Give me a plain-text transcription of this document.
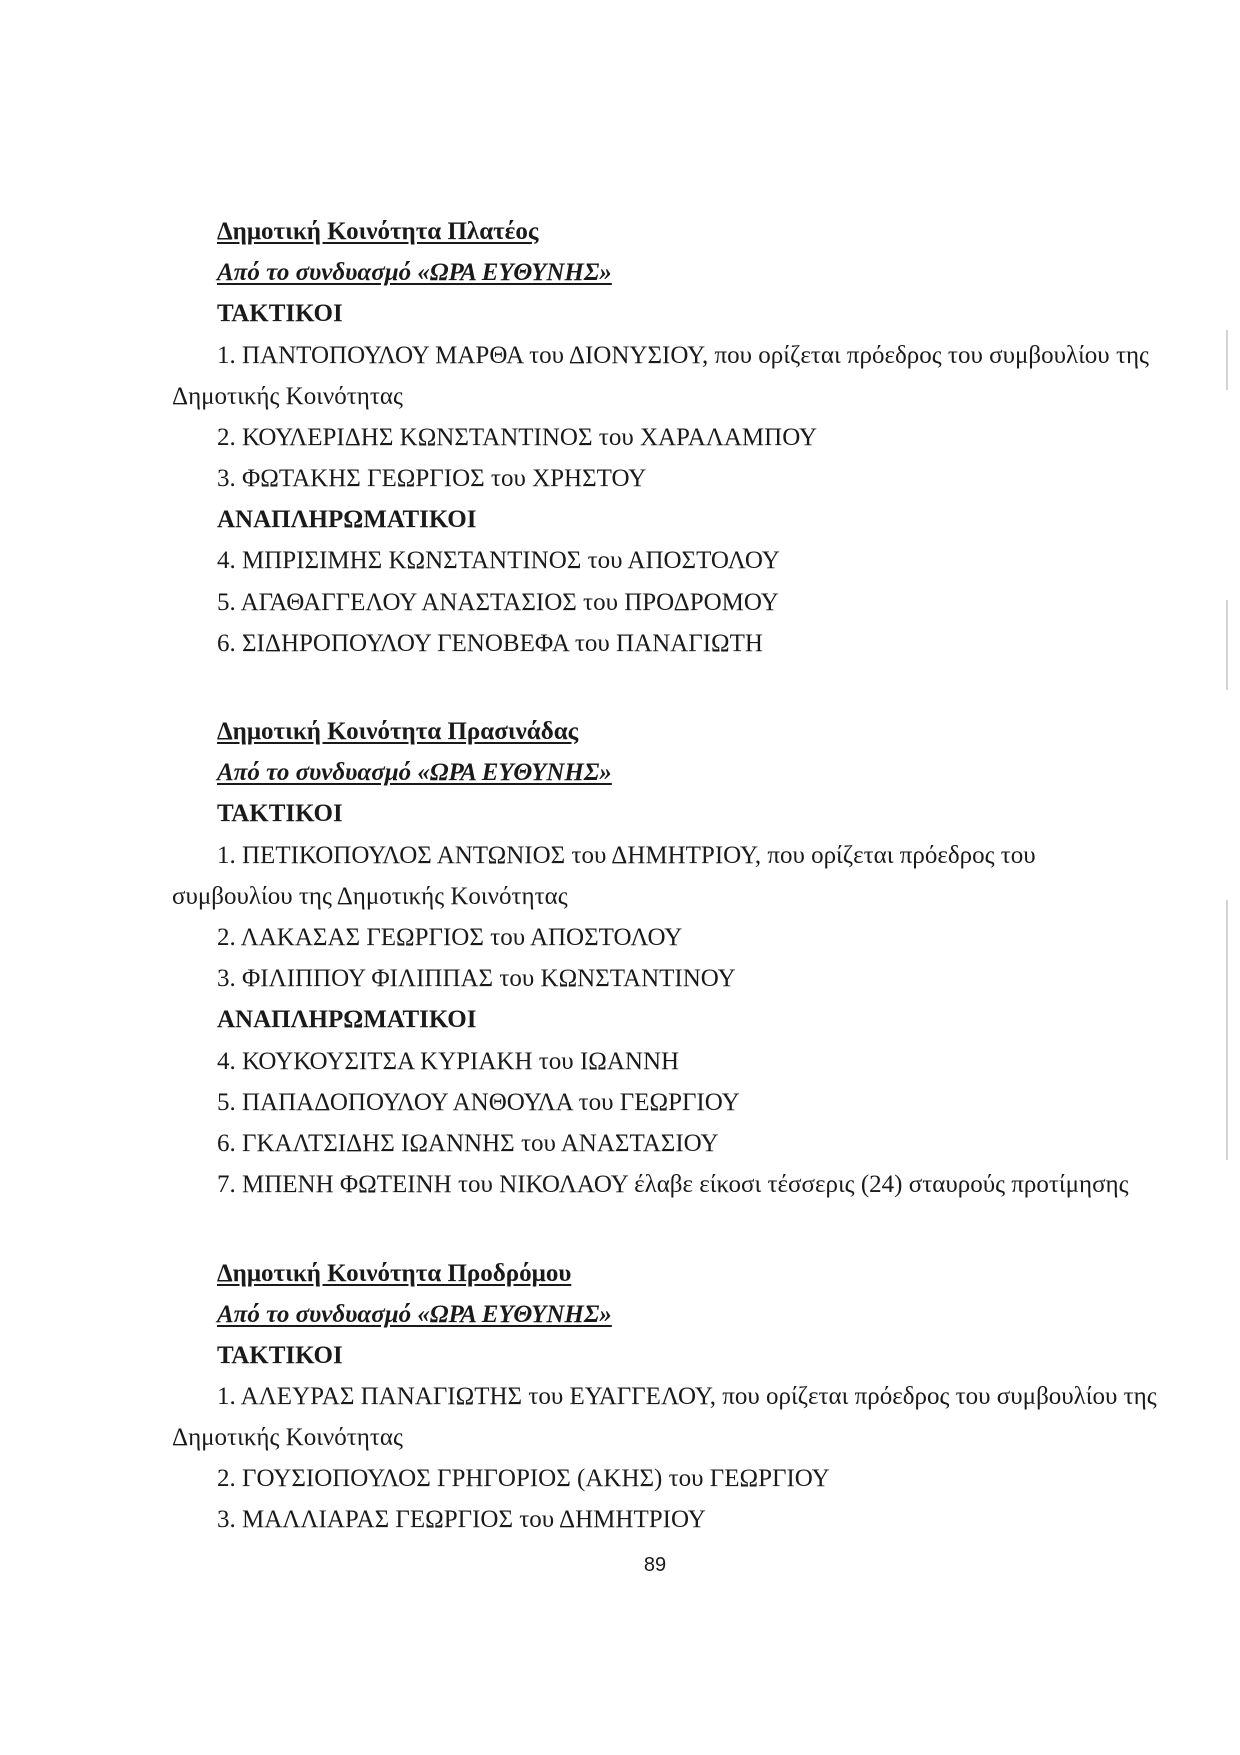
Δημοτική Κοινότητα Πλατέος
Από το συνδυασμό «ΩΡΑ ΕΥΘΥΝΗΣ»
ΤΑΚΤΙΚΟΙ
1. ΠΑΝΤΟΠΟΥΛΟΥ ΜΑΡΘΑ του ΔΙΟΝΥΣΙΟΥ, που ορίζεται πρόεδρος του συμβουλίου της
Δημοτικής Κοινότητας
2. ΚΟΥΛΕΡΙΔΗΣ ΚΩΝΣΤΑΝΤΙΝΟΣ του ΧΑΡΑΛΑΜΠΟΥ
3. ΦΩΤΑΚΗΣ ΓΕΩΡΓΙΟΣ του ΧΡΗΣΤΟΥ
ΑΝΑΠΛΗΡΩΜΑΤΙΚΟΙ
4. ΜΠΡΙΣΙΜΗΣ ΚΩΝΣΤΑΝΤΙΝΟΣ του ΑΠΟΣΤΟΛΟΥ
5. ΑΓΑΘΑΓΓΕΛΟΥ ΑΝΑΣΤΑΣΙΟΣ του ΠΡΟΔΡΟΜΟΥ
6. ΣΙΔΗΡΟΠΟΥΛΟΥ ΓΕΝΟΒΕΦΑ του ΠΑΝΑΓΙΩΤΗ
Δημοτική Κοινότητα Πρασινάδας
Από το συνδυασμό «ΩΡΑ ΕΥΘΥΝΗΣ»
ΤΑΚΤΙΚΟΙ
1. ΠΕΤΙΚΟΠΟΥΛΟΣ ΑΝΤΩΝΙΟΣ του ΔΗΜΗΤΡΙΟΥ, που ορίζεται πρόεδρος του
συμβουλίου της Δημοτικής Κοινότητας
2. ΛΑΚΑΣΑΣ ΓΕΩΡΓΙΟΣ του ΑΠΟΣΤΟΛΟΥ
3. ΦΙΛΙΠΠΟΥ ΦΙΛΙΠΠΑΣ του ΚΩΝΣΤΑΝΤΙΝΟΥ
ΑΝΑΠΛΗΡΩΜΑΤΙΚΟΙ
4. ΚΟΥΚΟΥΣΙΤΣΑ ΚΥΡΙΑΚΗ του ΙΩΑΝΝΗ
5. ΠΑΠΑΔΟΠΟΥΛΟΥ ΑΝΘΟΥΛΑ του ΓΕΩΡΓΙΟΥ
6. ΓΚΑΛΤΣΙΔΗΣ ΙΩΑΝΝΗΣ του ΑΝΑΣΤΑΣΙΟΥ
7. ΜΠΕΝΗ ΦΩΤΕΙΝΗ του ΝΙΚΟΛΑΟΥ έλαβε είκοσι τέσσερις (24) σταυρούς προτίμησης
Δημοτική Κοινότητα Προδρόμου
Από το συνδυασμό «ΩΡΑ ΕΥΘΥΝΗΣ»
ΤΑΚΤΙΚΟΙ
1. ΑΛΕΥΡΑΣ ΠΑΝΑΓΙΩΤΗΣ του ΕΥΑΓΓΕΛΟΥ, που ορίζεται πρόεδρος του συμβουλίου της
Δημοτικής Κοινότητας
2. ΓΟΥΣΙΟΠΟΥΛΟΣ ΓΡΗΓΟΡΙΟΣ (ΑΚΗΣ) του ΓΕΩΡΓΙΟΥ
3. ΜΑΛΛΙΑΡΑΣ ΓΕΩΡΓΙΟΣ του ΔΗΜΗΤΡΙΟΥ
89
